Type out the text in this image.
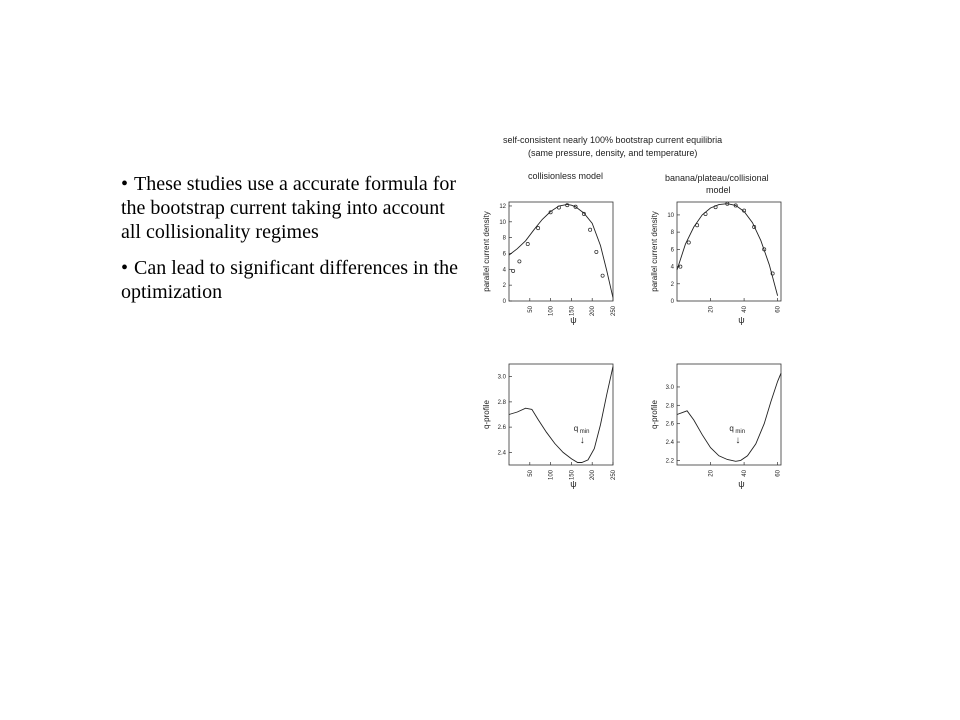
• These studies use a accurate formula for the bootstrap current taking into account all collisionality regimes

• Can lead to significant differences in the optimization

self-consistent nearly 100% bootstrap current equilibria
(same pressure, density, and temperature)
collisionless model
50 100 150 200 250
0
2
4
6
8
10
12
ψ
parallel current density
banana/plateau/collisional
model
20	40	60
0
2
4
6
8
10
ψ
parallel current density
50 100 150 200 250
2.4
2.6
2.8
3.0
ψ
q-profile	q min
↓
20	40	60
2.2
2.4
2.6
2.8
3.0
ψ
q-profile	q min
↓
